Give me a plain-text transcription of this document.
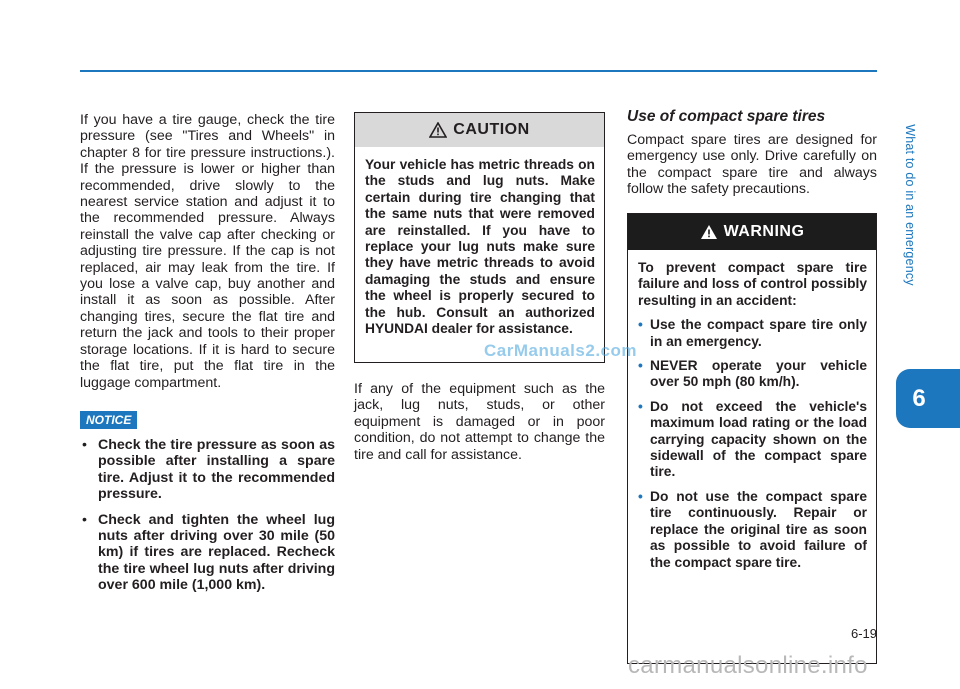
What to do in an emergency
6

If you have a tire gauge, check the tire pressure (see "Tires and Wheels" in chapter 8 for tire pressure instructions.). If the pressure is lower or higher than recommended, drive slowly to the nearest service station and adjust it to the recommended pressure. Always reinstall the valve cap after checking or adjusting tire pressure. If the cap is not replaced, air may leak from the tire. If you lose a valve cap, buy another and install it as soon as possible. After changing tires, secure the flat tire and return the jack and tools to their proper storage locations. If it is hard to secure the flat tire, put the flat tire in the luggage compartment.

NOTICE
• Check the tire pressure as soon as possible after installing a spare tire. Adjust it to the recommended pressure.
• Check and tighten the wheel lug nuts after driving over 30 mile (50 km) if tires are replaced. Recheck the tire wheel lug nuts after driving over 600 mile (1,000 km).
CAUTION
Your vehicle has metric threads on the studs and lug nuts. Make certain during tire changing that the same nuts that were removed are reinstalled. If you have to replace your lug nuts make sure they have metric threads to avoid damaging the studs and ensure the wheel is properly secured to the hub. Consult an authorized HYUNDAI dealer for assistance.

If any of the equipment such as the jack, lug nuts, studs, or other equipment is damaged or in poor condition, do not attempt to change the tire and call for assistance.

Use of compact spare tires

Compact spare tires are designed for emergency use only. Drive carefully on the compact spare tire and always follow the safety precautions.

WARNING
To prevent compact spare tire failure and loss of control possibly resulting in an accident:
• Use the compact spare tire only in an emergency.
• NEVER operate your vehicle over 50 mph (80 km/h).
• Do not exceed the vehicle's maximum load rating or the load carrying capacity shown on the sidewall of the compact spare tire.
• Do not use the compact spare tire continuously. Repair or replace the original tire as soon as possible to avoid failure of the compact spare tire.
6-19
CarManuals2.com
carmanualsonline.info
